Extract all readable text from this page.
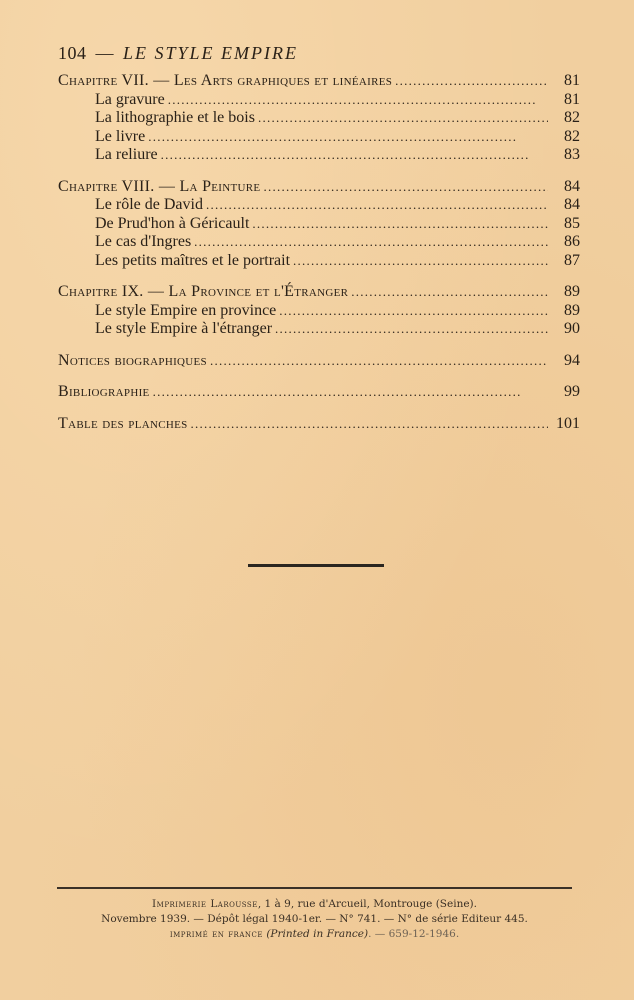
104 — LE STYLE EMPIRE
Chapitre VII. — Les Arts graphiques et linéaires . . .	81
La gravure . . .	81
La lithographie et le bois . . .	82
Le livre . . .	82
La reliure . . .	83
Chapitre VIII. — La Peinture . . .	84
Le rôle de David . . .	84
De Prud'hon à Géricault . . .	85
Le cas d'Ingres . . .	86
Les petits maîtres et le portrait . . .	87
Chapitre IX. — La Province et l'Étranger . . .	89
Le style Empire en province . . .	89
Le style Empire à l'étranger . . .	90
Notices biographiques . . .	94
Bibliographie . . .	99
Table des planches . . .	101
Imprimerie Larousse, 1 à 9, rue d'Arcueil, Montrouge (Seine).
Novembre 1939. — Dépôt légal 1940-1er. — N° 741. — N° de série Editeur 445.
imprimé en france (Printed in France). — 659-12-1946.
